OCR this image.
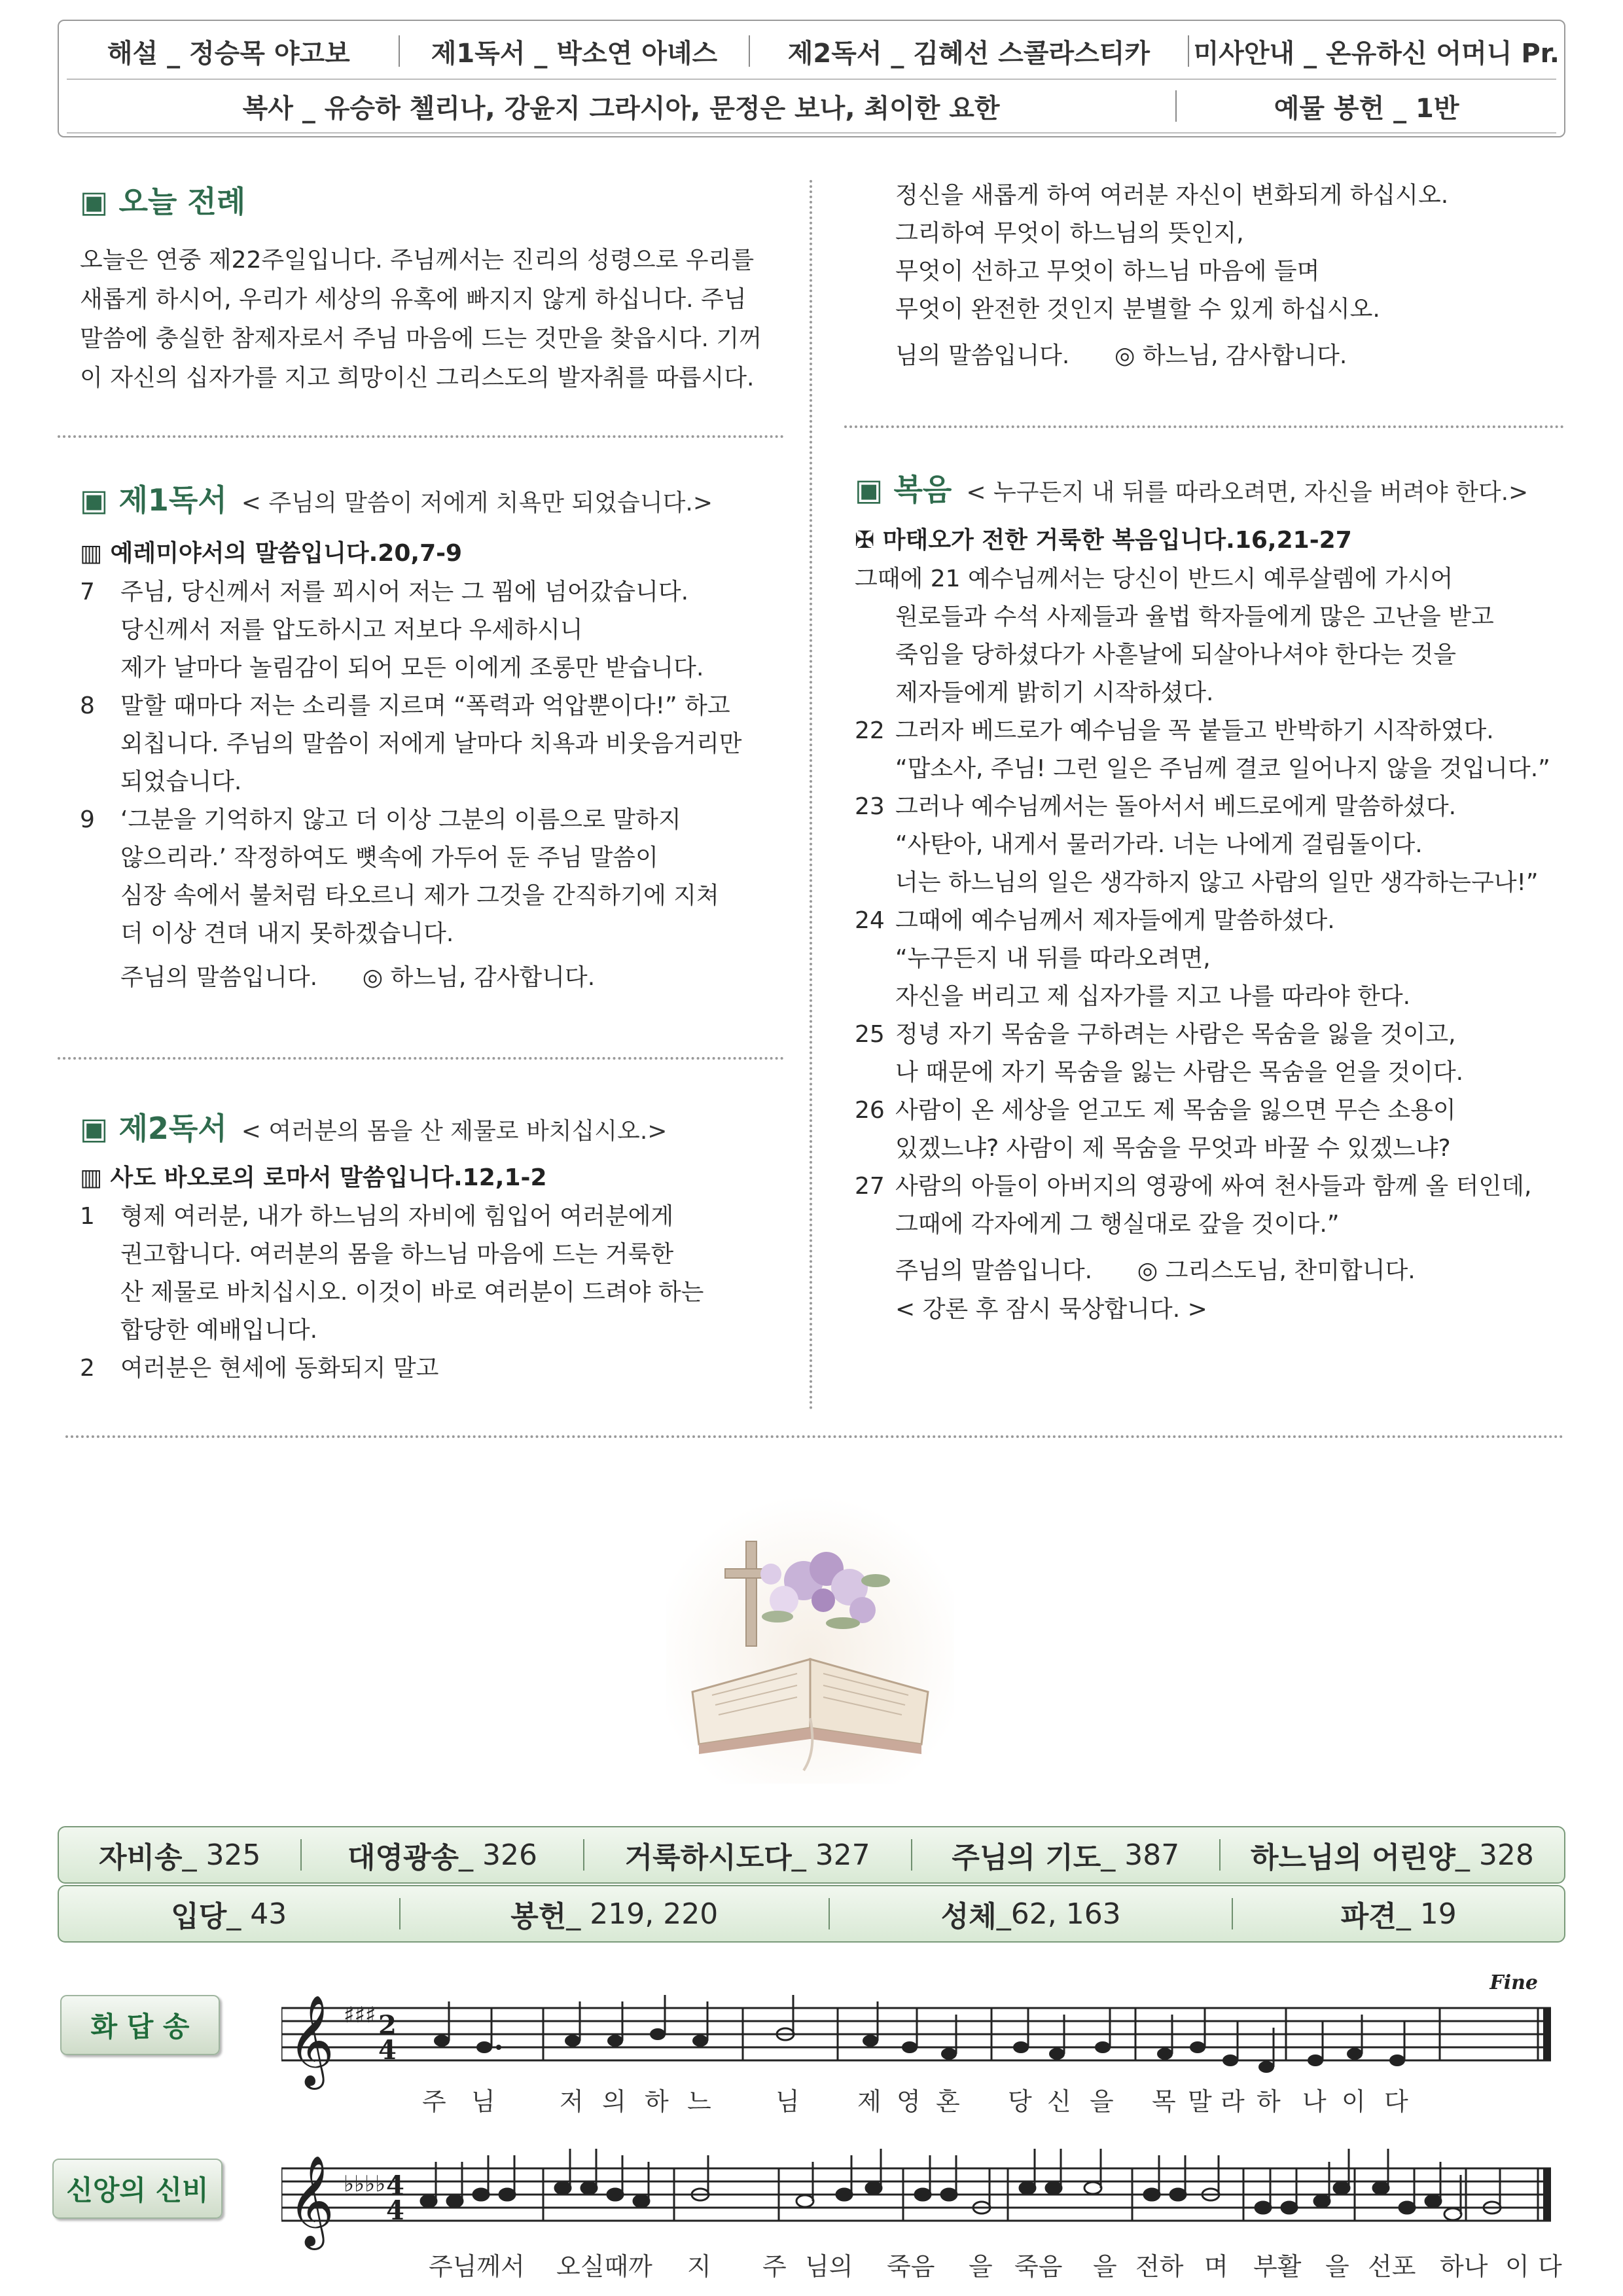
해설 _ 정승목 야고보	제1독서 _ 박소연 아녜스	제2독서 _ 김혜선 스콜라스티카	미사안내 _ 온유하신 어머니 Pr.
복사 _ 유승하 첼리나, 강윤지 그라시아, 문정은 보나, 최이한 요한	예물 봉헌 _ 1반
▣ 오늘 전례

오늘은 연중 제22주일입니다. 주님께서는 진리의 성령으로 우리를

새롭게 하시어, 우리가 세상의 유혹에 빠지지 않게 하십니다. 주님

말씀에 충실한 참제자로서 주님 마음에 드는 것만을 찾읍시다. 기꺼

이 자신의 십자가를 지고 희망이신 그리스도의 발자취를 따릅시다.

▣ 제1독서 < 주님의 말씀이 저에게 치욕만 되었습니다.>
▥ 예레미야서의 말씀입니다.20,7-9
7	주님, 당신께서 저를 꾀시어 저는 그 꾐에 넘어갔습니다.
당신께서 저를 압도하시고 저보다 우세하시니
제가 날마다 놀림감이 되어 모든 이에게 조롱만 받습니다.
8	말할 때마다 저는 소리를 지르며 “폭력과 억압뿐이다!” 하고
외칩니다. 주님의 말씀이 저에게 날마다 치욕과 비웃음거리만
되었습니다.
9	‘그분을 기억하지 않고 더 이상 그분의 이름으로 말하지
않으리라.’ 작정하여도 뼛속에 가두어 둔 주님 말씀이
심장 속에서 불처럼 타오르니 제가 그것을 간직하기에 지쳐
더 이상 견뎌 내지 못하겠습니다.
주님의 말씀입니다.      ◎ 하느님, 감사합니다.
▣ 제2독서 < 여러분의 몸을 산 제물로 바치십시오.>
▥ 사도 바오로의 로마서 말씀입니다.12,1-2
1	형제 여러분, 내가 하느님의 자비에 힘입어 여러분에게
권고합니다. 여러분의 몸을 하느님 마음에 드는 거룩한
산 제물로 바치십시오. 이것이 바로 여러분이 드려야 하는
합당한 예배입니다.
2	여러분은 현세에 동화되지 말고
정신을 새롭게 하여 여러분 자신이 변화되게 하십시오.
그리하여 무엇이 하느님의 뜻인지,
무엇이 선하고 무엇이 하느님 마음에 들며
무엇이 완전한 것인지 분별할 수 있게 하십시오.
님의 말씀입니다.      ◎ 하느님, 감사합니다.
▣ 복음 < 누구든지 내 뒤를 따라오려면, 자신을 버려야 한다.>
✠ 마태오가 전한 거룩한 복음입니다.16,21-27
그때에 21 예수님께서는 당신이 반드시 예루살렘에 가시어
원로들과 수석 사제들과 율법 학자들에게 많은 고난을 받고
죽임을 당하셨다가 사흗날에 되살아나셔야 한다는 것을
제자들에게 밝히기 시작하셨다.
22 그러자 베드로가 예수님을 꼭 붙들고 반박하기 시작하였다.
“맙소사, 주님! 그런 일은 주님께 결코 일어나지 않을 것입니다.”
23 그러나 예수님께서는 돌아서서 베드로에게 말씀하셨다.
“사탄아, 내게서 물러가라. 너는 나에게 걸림돌이다.
너는 하느님의 일은 생각하지 않고 사람의 일만 생각하는구나!”
24 그때에 예수님께서 제자들에게 말씀하셨다.
“누구든지 내 뒤를 따라오려면,
자신을 버리고 제 십자가를 지고 나를 따라야 한다.
25 정녕 자기 목숨을 구하려는 사람은 목숨을 잃을 것이고,
나 때문에 자기 목숨을 잃는 사람은 목숨을 얻을 것이다.
26 사람이 온 세상을 얻고도 제 목숨을 잃으면 무슨 소용이
있겠느냐? 사람이 제 목숨을 무엇과 바꿀 수 있겠느냐?
27 사람의 아들이 아버지의 영광에 싸여 천사들과 함께 올 터인데,
그때에 각자에게 그 행실대로 갚을 것이다.”
주님의 말씀입니다.      ◎ 그리스도님, 찬미합니다.
< 강론 후 잠시 묵상합니다. >
자비송 _ 325	대영광송 _ 326	거룩하시도다 _ 327	주님의 기도 _ 387 하느님의 어린양 _ 328
입당 _ 43	봉헌 _ 219, 220	성체 _62, 163	파견 _ 19
화 답 송	𝄞 ♯♯♯ 2
4
Fine
주 님	저 의 하 느	님 제 영 혼 당 신 을 목 말 라 하 나 이 다
신앙의 신비 𝄞 ♭♭♭♭ 4
4
주님께서 오실때까 지 주 님의 죽음 을 죽음 을 전하 며 부활 을 선포 하나 이 다
